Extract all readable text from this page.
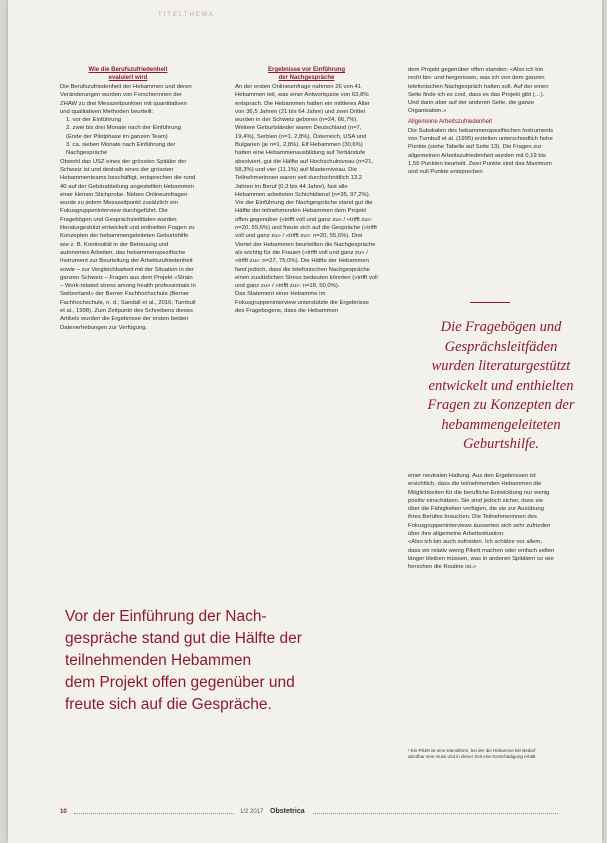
TITELTHEMA
Wie die Berufszufriedenheit
evaluiert wird

Die Berufszufriedenheit der Hebammen und deren Veränderungen wurden von Forscherinnen der ZHAW zu drei Messzeitpunkten mit quantitativen und qualitativen Methoden beurteilt:

1. vor der Einführung
2. zwei bis drei Monate nach der Einführung (Ende der Pilotphase im ganzen Team)
3. ca. sieben Monate nach Einführung der Nachgespräche

Obwohl das USZ eines der grössten Spitäler der Schweiz ist und deshalb eines der grössten Hebammenteams beschäftigt, entsprechen die rund 40 auf der Gebärabteilung angestellten Hebammen einer kleinen Stichprobe. Neben Onlineumfragen wurde zu jedem Messzeitpunkt zusätzlich ein Fokusgruppeninterview durchgeführt. Die Fragebögen und Gesprächsleitfäden wurden literaturgestützt entwickelt und enthielten Fragen zu Konzepten der hebammengeleiteten Geburtshilfe wie z. B. Kontinuität in der Betreuung und autonomes Arbeiten, das hebammenspezifische Instrument zur Beurteilung der Arbeitszufriedenheit sowie – zur Vergleichbarkeit mit der Situation in der ganzen Schweiz – Fragen aus dem Projekt «Strain – Work-related stress among health professionals in Switzerland» der Berner Fachhochschule (Berner Fachhochschule, n. d.; Sandall et al., 2016; Turnbull et al., 1998). Zum Zeitpunkt des Schreibens dieses Artikels wurden die Ergebnisse der ersten beiden Datenerhebungen zur Verfügung.

Ergebnisse vor Einführung
der Nachgespräche

An der ersten Onlineumfrage nahmen 26 von 41 Hebammen teil, was einer Antwortquote von 63,8% entsprach. Die Hebammen hatten ein mittleres Alter von 36,5 Jahren (21 bis 64 Jahre) und zwei Drittel wurden in der Schweiz geboren (n=24, 66,7%). Weitere Geburtsländer waren Deutschland (n=7, 19,4%), Serbien (n=1, 2,8%), Österreich, USA und Bulgarien (je n=1, 2,8%). Elf Hebammen (30,6%) hatten eine Hebammenausbildung auf Tertiärstufe absolviert, gut die Hälfte auf Hochschulniveau (n=21, 58,3%) und vier (11,1%) auf Masterniveau. Die Teilnehmerinnen waren seit durchschnittlich 13,2 Jahren im Beruf (0,3 bis 44 Jahre), fast alle Hebammen arbeiteten Schichtdienst (n=35, 97,2%).

Vor der Einführung der Nachgespräche stand gut die Hälfte der teilnehmenden Hebammen dem Projekt offen gegenüber («trifft voll und ganz zu» / «trifft zu»: n=20, 55,6%) und freute sich auf die Gespräche («trifft voll und ganz zu» / «trifft zu»: n=20, 55,6%). Drei Viertel der Hebammen beurteilten die Nachgespräche als wichtig für die Frauen («trifft voll und ganz zu» / «trifft zu»: n=27, 75,0%). Die Hälfte der Hebammen fand jedoch, dass die telefonischen Nachgespräche einen zusätzlichen Stress bedeuten könnten («trifft voll und ganz zu» / «trifft zu»: n=18, 50,0%).

Das Statement einer Hebamme im Fokusgruppeninterview unterstützte die Ergebnisse des Fragebogens, dass die Hebammen

dem Projekt gegenüber offen standen: «Also ich bin recht bin- und hergerissen, was ich von dem ganzen telefonischen Nachgespräch halten soll. Auf der einen Seite finde ich es cool, dass es das Projekt gibt (…). Und dann aber auf der anderen Seite, die ganze Organisation.»

Allgemeine Arbeitszufriedenheit

Die Subskalen des hebammenspezifischen Instruments von Turnbull et al. (1995) erzielten unterschiedlich hohe Punkte (siehe Tabelle auf Seite 13). Die Fragen zur allgemeinen Arbeitszufriedenheit wurden mit 0,19 bis 1,56 Punkten beurteilt. Zwei Punkte sind das Maximum und null Punkte entsprechen

Die Fragebögen und Gesprächsleitfäden wurden literaturgestützt entwickelt und enthielten Fragen zu Konzepten der hebammengeleiteten Geburtshilfe.

einer neutralen Haltung. Aus den Ergebnissen ist ersichtlich, dass die teilnehmenden Hebammen die Möglichkeiten für die berufliche Entwicklung nur wenig positiv einschätzen. Sie sind jedoch sicher, dass sie über die Fähigkeiten verfügen, die sie zur Ausübung ihres Berufes brauchen. Die Teilnehmerinnen des Fokusgruppeninterviews äusserten sich sehr zufrieden über ihre allgemeine Arbeitssituation:

«Also ich bin auch zufrieden. Ich schätze vor allem, dass wir relativ wenig Pikett machen oder einfach selten länger bleiben müssen, was in anderen Spitälern so wie herschen die Routine ist.»

Vor der Einführung der Nach-
gespräche stand gut die Hälfte der
teilnehmenden Hebammen
dem Projekt offen gegenüber und
freute sich auf die Gespräche.
¹ Ein Pikett ist eine Dienstform, bei der die Hebamme bei Bedarf abrufbar sein muss und in dieser Zeit eine Entschädigung erhält.
10	1/2 2017 Obstetrica
